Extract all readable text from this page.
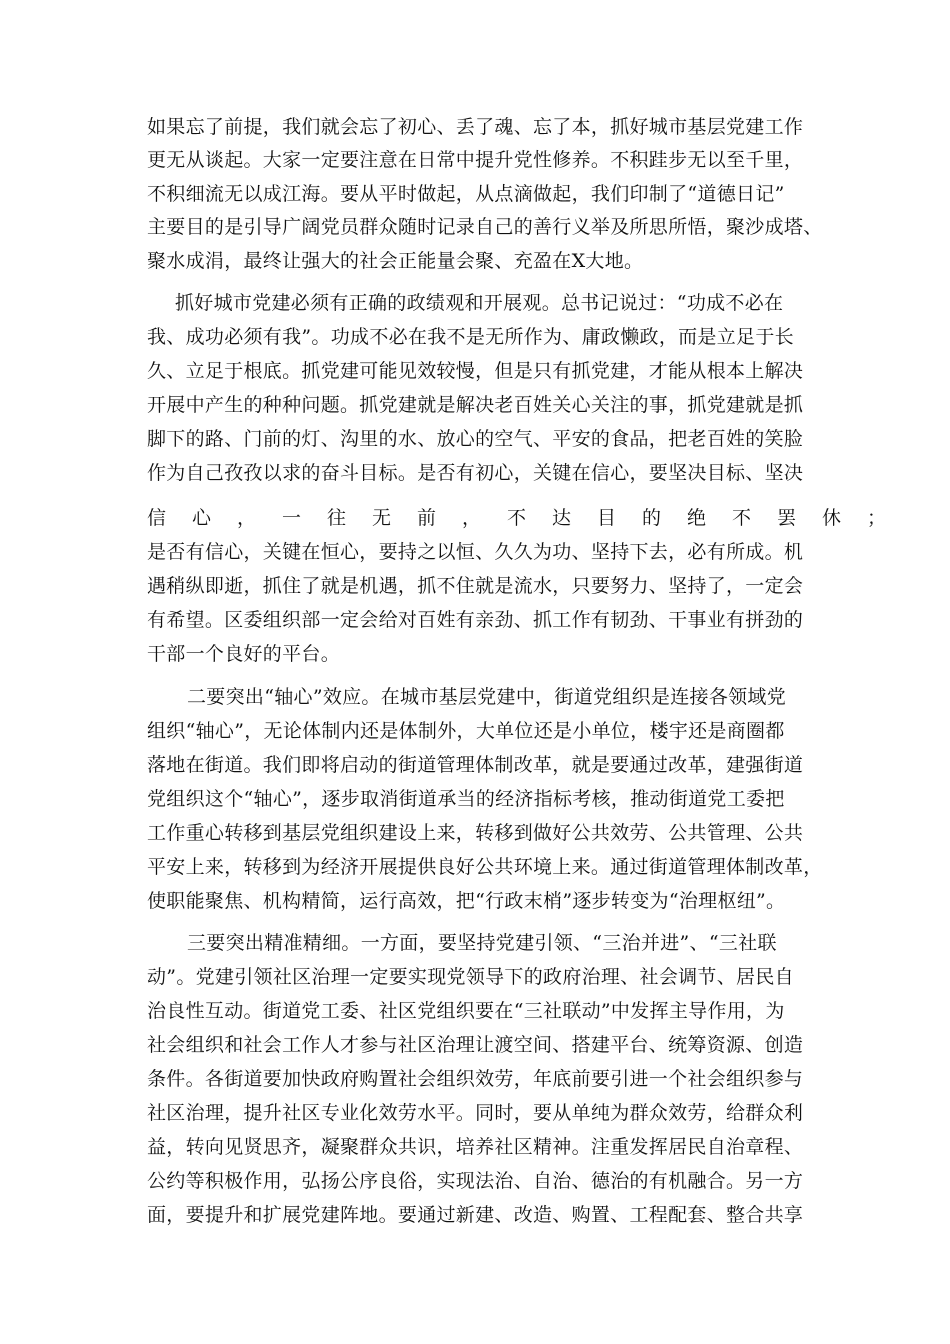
如果忘了前提，我们就会忘了初心、丢了魂、忘了本，抓好城市基层党建工作
更无从谈起。大家一定要注意在日常中提升党性修养。不积跬步无以至千里，
不积细流无以成江海。要从平时做起，从点滴做起，我们印制了“道德日记”
主要目的是引导广阔党员群众随时记录自己的善行义举及所思所悟，聚沙成塔、
聚水成涓，最终让强大的社会正能量会聚、充盈在X大地。
抓好城市党建必须有正确的政绩观和开展观。总书记说过：“功成不必在
我、成功必须有我”。功成不必在我不是无所作为、庸政懒政，而是立足于长
久、立足于根底。抓党建可能见效较慢，但是只有抓党建，才能从根本上解决
开展中产生的种种问题。抓党建就是解决老百姓关心关注的事，抓党建就是抓
脚下的路、门前的灯、沟里的水、放心的空气、平安的食品，把老百姓的笑脸
作为自己孜孜以求的奋斗目标。是否有初心，关键在信心，要坚决目标、坚决
信心，一往无前，不达目的绝不罢休；
是否有信心，关键在恒心，要持之以恒、久久为功、坚持下去，必有所成。机
遇稍纵即逝，抓住了就是机遇，抓不住就是流水，只要努力、坚持了，一定会
有希望。区委组织部一定会给对百姓有亲劲、抓工作有韧劲、干事业有拼劲的
干部一个良好的平台。
二要突出“轴心”效应。在城市基层党建中，街道党组织是连接各领域党
组织“轴心”，无论体制内还是体制外，大单位还是小单位，楼宇还是商圈都
落地在街道。我们即将启动的街道管理体制改革，就是要通过改革，建强街道
党组织这个“轴心”，逐步取消街道承当的经济指标考核，推动街道党工委把
工作重心转移到基层党组织建设上来，转移到做好公共效劳、公共管理、公共
平安上来，转移到为经济开展提供良好公共环境上来。通过街道管理体制改革，
使职能聚焦、机构精简，运行高效，把“行政末梢”逐步转变为“治理枢纽”。
三要突出精准精细。一方面，要坚持党建引领、“三治并进”、“三社联
动”。党建引领社区治理一定要实现党领导下的政府治理、社会调节、居民自
治良性互动。街道党工委、社区党组织要在“三社联动”中发挥主导作用，为
社会组织和社会工作人才参与社区治理让渡空间、搭建平台、统筹资源、创造
条件。各街道要加快政府购置社会组织效劳，年底前要引进一个社会组织参与
社区治理，提升社区专业化效劳水平。同时，要从单纯为群众效劳，给群众利
益，转向见贤思齐，凝聚群众共识，培养社区精神。注重发挥居民自治章程、
公约等积极作用，弘扬公序良俗，实现法治、自治、德治的有机融合。另一方
面，要提升和扩展党建阵地。要通过新建、改造、购置、工程配套、整合共享
